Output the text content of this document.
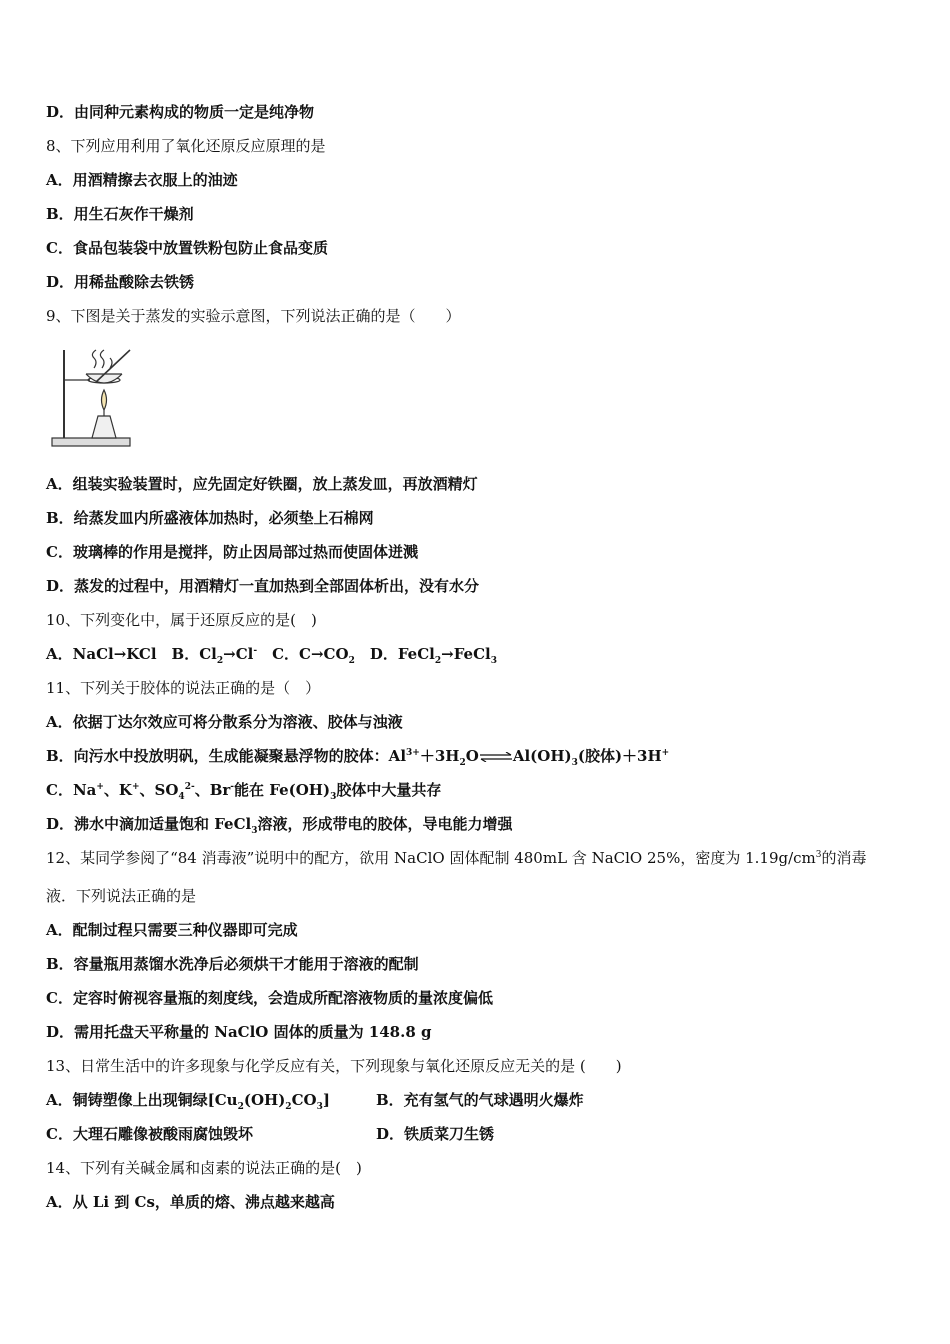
D．由同种元素构成的物质一定是纯净物
8、下列应用利用了氧化还原反应原理的是
A．用酒精擦去衣服上的油迹
B．用生石灰作干燥剂
C．食品包装袋中放置铁粉包防止食品变质
D．用稀盐酸除去铁锈
9、下图是关于蒸发的实验示意图，下列说法正确的是（　　）
A．组装实验装置时，应先固定好铁圈，放上蒸发皿，再放酒精灯
B．给蒸发皿内所盛液体加热时，必须垫上石棉网
C．玻璃棒的作用是搅拌，防止因局部过热而使固体迸溅
D．蒸发的过程中，用酒精灯一直加热到全部固体析出，没有水分
10、下列变化中，属于还原反应的是(　)
A．NaCl→KCl　B．$Cl_2\to Cl^-$　C．$C\to CO_2$　D．FeCl$_2$→FeCl$_3$
11、下列关于胶体的说法正确的是（　）
A．依据丁达尔效应可将分散系分为溶液、胶体与浊液
B．向污水中投放明矾，生成能凝聚悬浮物的胶体：$Al^{3+}+3H_2O\rightleftharpoons Al(OH)_3$(胶体)＋3H+
C．Na+、K+、$SO_4^{2-}$、Br-能在 $Fe(OH)_3$胶体中大量共存
D．沸水中滴加适量饱和 FeCl$_3$溶液，形成带电的胶体，导电能力增强
12、某同学参阅了“84 消毒液”说明中的配方，欲用 NaClO 固体配制 480mL 含 NaClO 25%，密度为 $1.19g/cm^3$的消毒
液．下列说法正确的是
A．配制过程只需要三种仪器即可完成
B．容量瓶用蒸馏水洗净后必须烘干才能用于溶液的配制
C．定容时俯视容量瓶的刻度线，会造成所配溶液物质的量浓度偏低
D．需用托盘天平称量的 NaClO 固体的质量为 148.8 g
13、日常生活中的许多现象与化学反应有关，下列现象与氧化还原反应无关的是 (　　)
A．铜铸塑像上出现铜绿$[Cu_2(OH)_2CO_3]$	B．充有氢气的气球遇明火爆炸
C．大理石雕像被酸雨腐蚀毁坏	D．铁质菜刀生锈
14、下列有关碱金属和卤素的说法正确的是(　)
A．从 Li 到 Cs，单质的熔、沸点越来越高
